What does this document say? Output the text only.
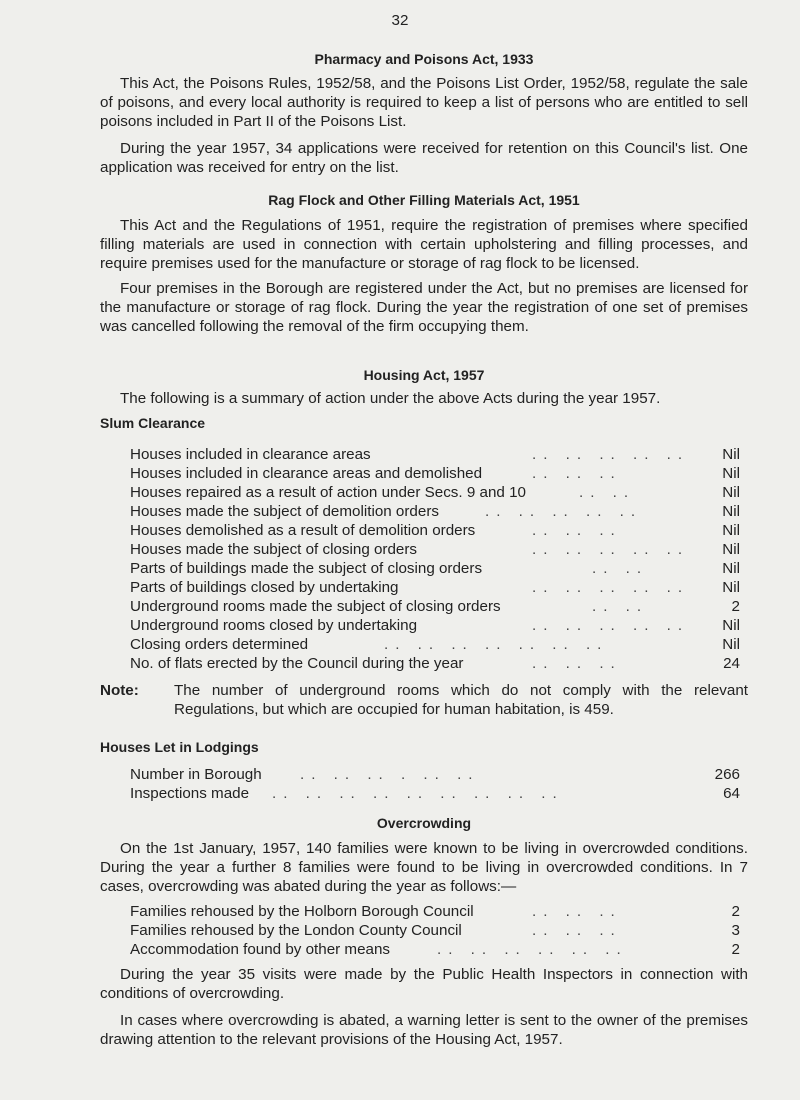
32
Pharmacy and Poisons Act, 1933

This Act, the Poisons Rules, 1952/58, and the Poisons List Order, 1952/58, regulate the sale of poisons, and every local authority is required to keep a list of persons who are entitled to sell poisons included in Part II of the Poisons List.

During the year 1957, 34 applications were received for retention on this Council's list. One application was received for entry on the list.

Rag Flock and Other Filling Materials Act, 1951

This Act and the Regulations of 1951, require the registration of premises where specified filling materials are used in connection with certain upholstering and filling processes, and require premises used for the manufacture or storage of rag flock to be licensed.

Four premises in the Borough are registered under the Act, but no premises are licensed for the manufacture or storage of rag flock. During the year the registration of one set of premises was cancelled following the removal of the firm occupying them.

Housing Act, 1957

The following is a summary of action under the above Acts during the year 1957.

Slum Clearance
Houses included in clearance areas	.. .. .. .. .. Nil
Houses included in clearance areas and demolished	.. .. ..	Nil
Houses repaired as a result of action under Secs. 9 and 10	.. ..	Nil
Houses made the subject of demolition orders	.. .. .. .. ..	Nil
Houses demolished as a result of demolition orders	.. .. ..	Nil
Houses made the subject of closing orders	.. .. .. .. .. Nil
Parts of buildings made the subject of closing orders	.. ..	Nil
Parts of buildings closed by undertaking	.. .. .. .. .. Nil
Underground rooms made the subject of closing orders	.. ..	2
Underground rooms closed by undertaking	.. .. .. .. .. Nil
Closing orders determined	.. .. .. .. .. .. ..	Nil
No. of flats erected by the Council during the year	.. .. ..	24
Note: The number of underground rooms which do not comply with the relevant Regulations, but which are occupied for human habitation, is 459.
Houses Let in Lodgings
Number in Borough	.. .. .. . .. ..	266
Inspections made .. .. .. .. .. .. .. .. ..	64
Overcrowding

On the 1st January, 1957, 140 families were known to be living in overcrowded conditions. During the year a further 8 families were found to be living in overcrowded conditions. In 7 cases, overcrowding was abated during the year as follows:—

Families rehoused by the Holborn Borough Council	.. .. ..	2
Families rehoused by the London County Council	.. .. ..	3
Accommodation found by other means	.. .. .. .. .. ..	2

During the year 35 visits were made by the Public Health Inspectors in connection with conditions of overcrowding.

In cases where overcrowding is abated, a warning letter is sent to the owner of the premises drawing attention to the relevant provisions of the Housing Act, 1957.
